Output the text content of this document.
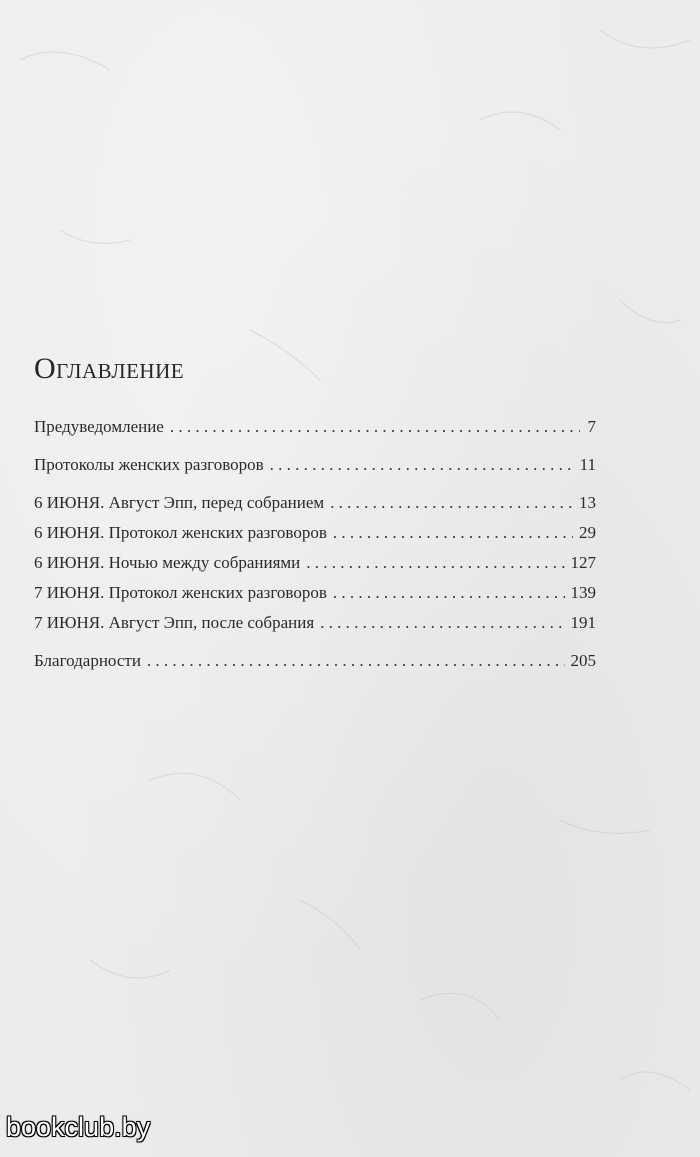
Оглавление
Предуведомление . . .	7
Протоколы женских разговоров . . .	11
6 ИЮНЯ. Август Эпп, перед собранием . . .	13
6 ИЮНЯ. Протокол женских разговоров . . .	29
6 ИЮНЯ. Ночью между собраниями . . .	127
7 ИЮНЯ. Протокол женских разговоров . . .	139
7 ИЮНЯ. Август Эпп, после собрания . . .	191
Благодарности . . .	205
bookclub.by
